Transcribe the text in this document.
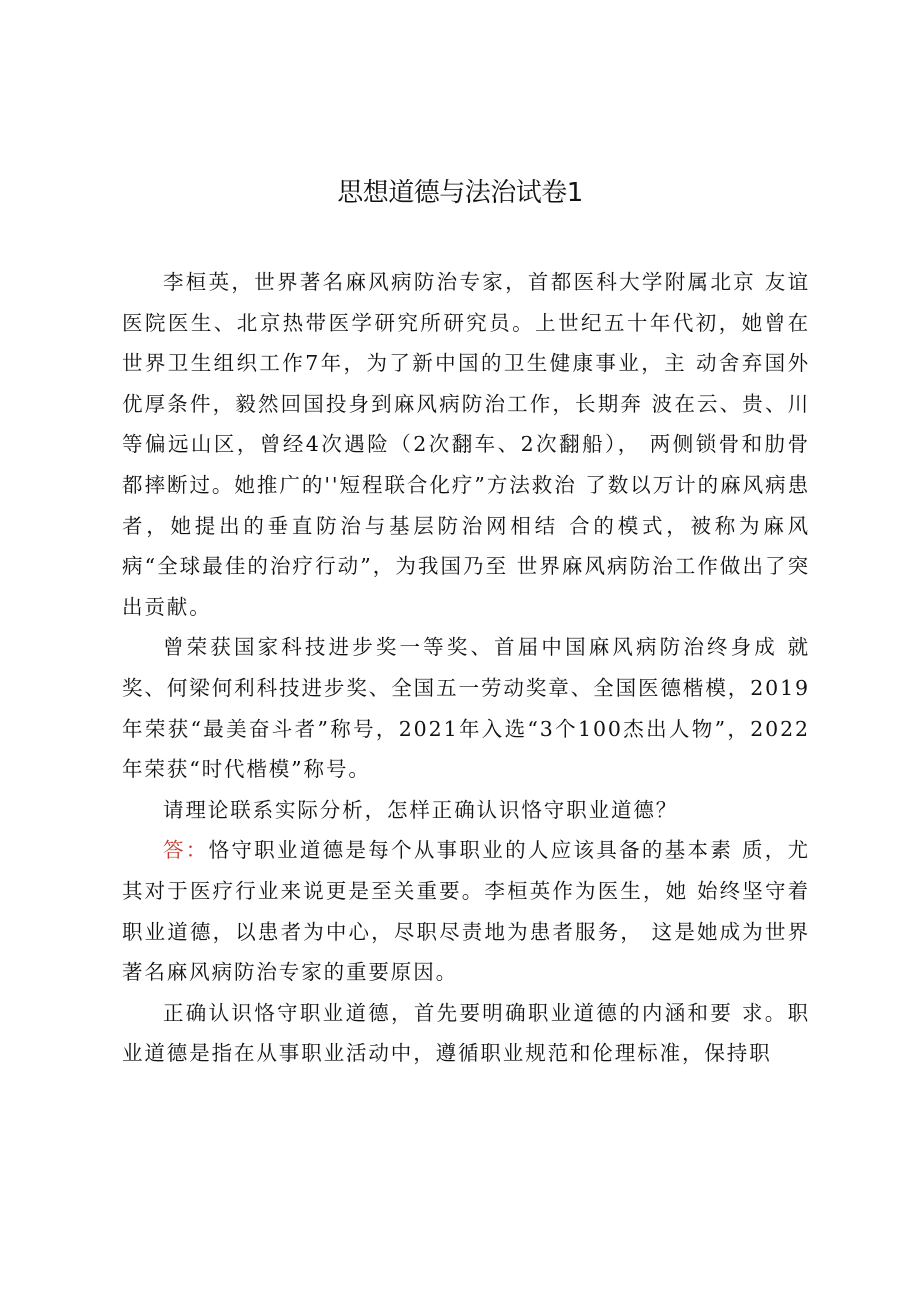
思想道德与法治试卷1

李桓英，世界著名麻风病防治专家，首都医科大学附属北京 友谊医院医生、北京热带医学研究所研究员。上世纪五十年代初，她曾在世界卫生组织工作7年，为了新中国的卫生健康事业，主 动舍弃国外优厚条件，毅然回国投身到麻风病防治工作，长期奔 波在云、贵、川等偏远山区，曾经4次遇险（2次翻车、2次翻船）， 两侧锁骨和肋骨都摔断过。她推广的''短程联合化疗”方法救治 了数以万计的麻风病患者，她提出的垂直防治与基层防治网相结 合的模式，被称为麻风病“全球最佳的治疗行动”，为我国乃至 世界麻风病防治工作做出了突出贡献。

曾荣获国家科技进步奖一等奖、首届中国麻风病防治终身成 就奖、何梁何利科技进步奖、全国五一劳动奖章、全国医德楷模，2019年荣获“最美奋斗者”称号，2021年入选“3个100杰出人物”，2022年荣获“时代楷模”称号。

请理论联系实际分析，怎样正确认识恪守职业道德？

答：恪守职业道德是每个从事职业的人应该具备的基本素 质，尤其对于医疗行业来说更是至关重要。李桓英作为医生，她 始终坚守着职业道德，以患者为中心，尽职尽责地为患者服务， 这是她成为世界著名麻风病防治专家的重要原因。

正确认识恪守职业道德，首先要明确职业道德的内涵和要 求。职业道德是指在从事职业活动中，遵循职业规范和伦理标准，保持职
